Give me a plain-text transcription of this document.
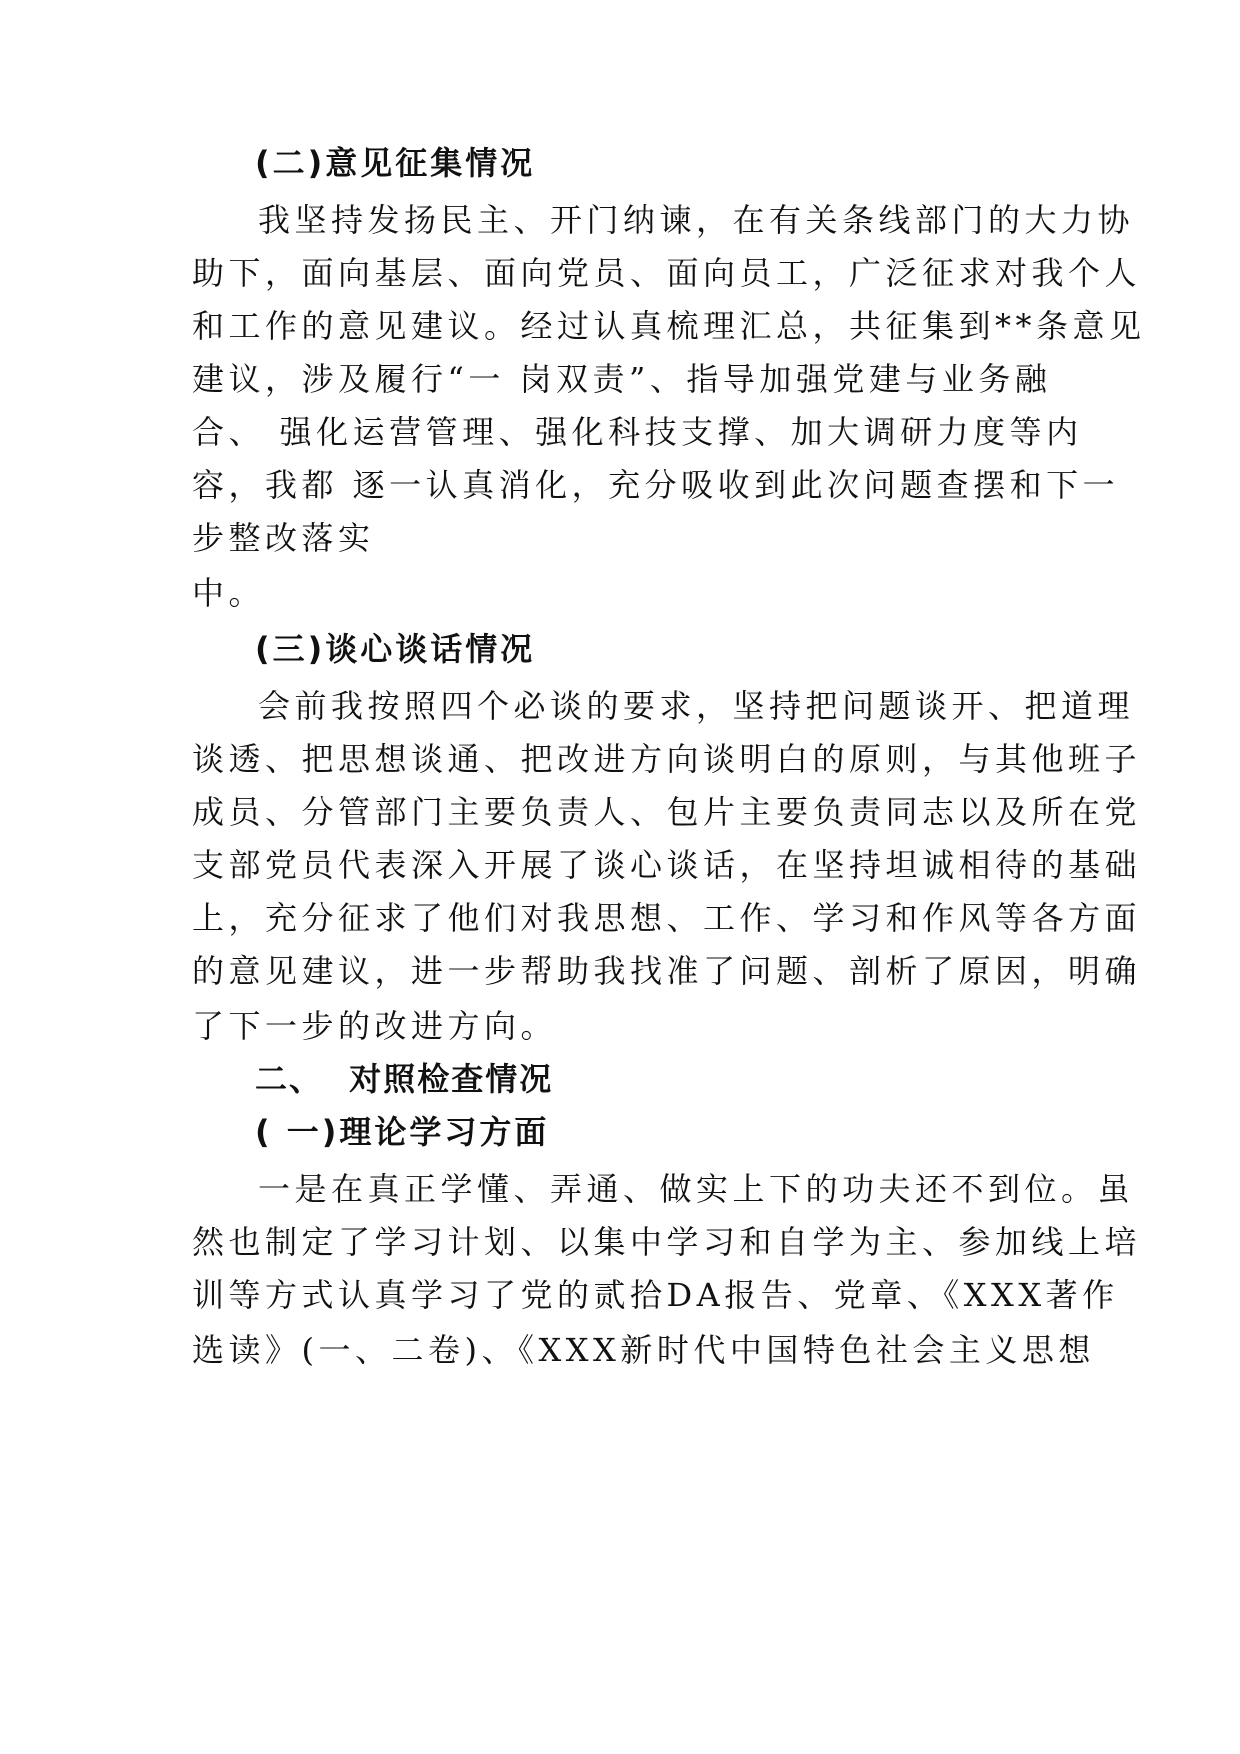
(二)意见征集情况

我坚持发扬民主、开门纳谏，在有关条线部门的大力协

助下，面向基层、面向党员、面向员工，广泛征求对我个人

和工作的意见建议。经过认真梳理汇总，共征集到**条意见

建议，涉及履行“一 岗双责”、指导加强党建与业务融

合、 强化运营管理、强化科技支撑、加大调研力度等内

容，我都 逐一认真消化，充分吸收到此次问题查摆和下一

步整改落实

中。

(三)谈心谈话情况

会前我按照四个必谈的要求，坚持把问题谈开、把道理

谈透、把思想谈通、把改进方向谈明白的原则，与其他班子

成员、分管部门主要负责人、包片主要负责同志以及所在党

支部党员代表深入开展了谈心谈话，在坚持坦诚相待的基础

上，充分征求了他们对我思想、工作、学习和作风等各方面

的意见建议，进一步帮助我找准了问题、剖析了原因，明确

了下一步的改进方向。

二、  对照检查情况

( 一)理论学习方面

一是在真正学懂、弄通、做实上下的功夫还不到位。虽

然也制定了学习计划、以集中学习和自学为主、参加线上培

训等方式认真学习了党的贰拾DA报告、党章、《XXX著作

选读》(一、二卷)、《XXX新时代中国特色社会主义思想
